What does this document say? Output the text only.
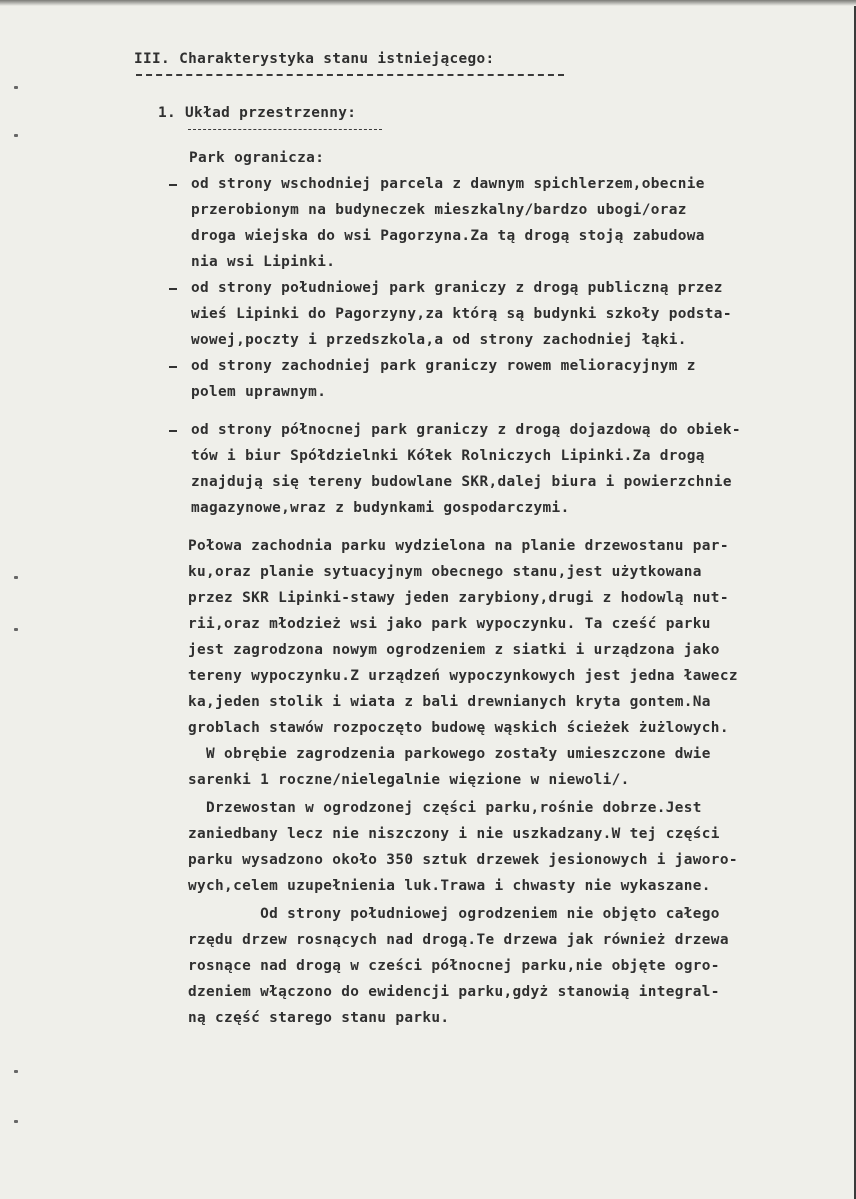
III. Charakterystyka stanu istniejącego:
1. Układ przestrzenny:
Park ogranicza:
od strony wschodniej parcela z dawnym spichlerzem,obecnie
przerobionym na budyneczek mieszkalny/bardzo ubogi/oraz
droga wiejska do wsi Pagorzyna.Za tą drogą stoją zabudowa
nia wsi Lipinki.
od strony południowej park graniczy z drogą publiczną przez
wieś Lipinki do Pagorzyny,za którą są budynki szkoły podsta-
wowej,poczty i przedszkola,a od strony zachodniej łąki.
od strony zachodniej park graniczy rowem melioracyjnym z
polem uprawnym.
od strony północnej park graniczy z drogą dojazdową do obiek-
tów i biur Spółdzielnki Kółek Rolniczych Lipinki.Za drogą
znajdują się tereny budowlane SKR,dalej biura i powierzchnie
magazynowe,wraz z budynkami gospodarczymi.
Połowa zachodnia parku wydzielona na planie drzewostanu par-
ku,oraz planie sytuacyjnym obecnego stanu,jest użytkowana
przez SKR Lipinki-stawy jeden zarybiony,drugi z hodowlą nut-
rii,oraz młodzież wsi jako park wypoczynku. Ta cześć parku
jest zagrodzona nowym ogrodzeniem z siatki i urządzona jako
tereny wypoczynku.Z urządzeń wypoczynkowych jest jedna ławecz
ka,jeden stolik i wiata z bali drewnianych kryta gontem.Na
groblach stawów rozpoczęto budowę wąskich ścieżek żużlowych.
W obrębie zagrodzenia parkowego zostały umieszczone dwie
sarenki 1 roczne/nielegalnie więzione w niewoli/.
Drzewostan w ogrodzonej części parku,rośnie dobrze.Jest
zaniedbany lecz nie niszczony i nie uszkadzany.W tej części
parku wysadzono około 350 sztuk drzewek jesionowych i jaworo-
wych,celem uzupełnienia luk.Trawa i chwasty nie wykaszane.
Od strony południowej ogrodzeniem nie objęto całego
rzędu drzew rosnących nad drogą.Te drzewa jak również drzewa
rosnące nad drogą w cześci północnej parku,nie objęte ogro-
dzeniem włączono do ewidencji parku,gdyż stanowią integral-
ną część starego stanu parku.
